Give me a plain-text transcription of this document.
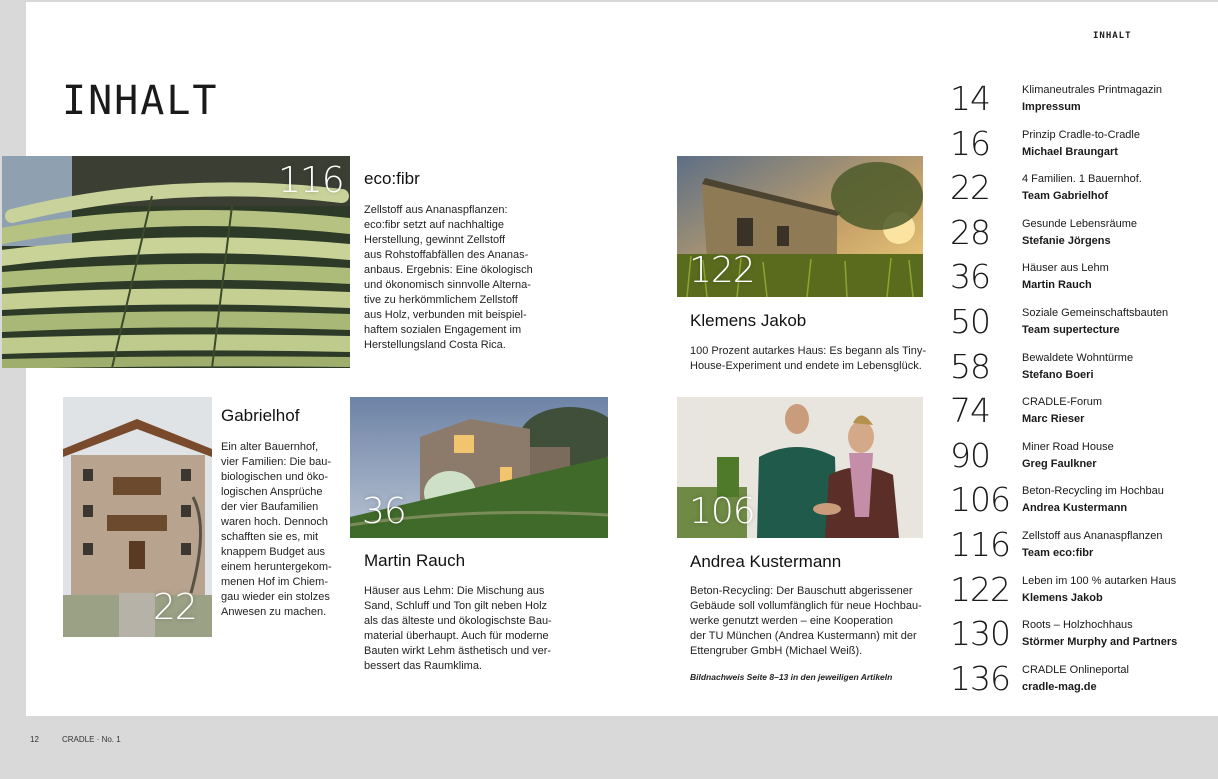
INHALT
INHALT
116 eco:fibr
Zellstoff aus Ananaspflanzen:
eco:fibr setzt auf nachhaltige
Herstellung, gewinnt Zellstoff
aus Rohstoffabfällen des Ananas-
anbaus. Ergebnis: Eine ökologisch
und ökonomisch sinnvolle Alterna-
tive zu herkömmlichem Zellstoff
aus Holz, verbunden mit beispiel-
haftem sozialen Engagement im
Herstellungsland Costa Rica.
122
Klemens Jakob
100 Prozent autarkes Haus: Es begann als Tiny-
House-Experiment und endete im Lebensglück.
22
Gabrielhof
Ein alter Bauernhof,
vier Familien: Die bau-
biologischen und öko-
logischen Ansprüche
der vier Baufamilien
waren hoch. Dennoch
schafften sie es, mit
knappem Budget aus
einem heruntergekom-
menen Hof im Chiem-
gau wieder ein stolzes
Anwesen zu machen.
36
Martin Rauch
Häuser aus Lehm: Die Mischung aus
Sand, Schluff und Ton gilt neben Holz
als das älteste und ökologischste Bau-
material überhaupt. Auch für moderne
Bauten wirkt Lehm ästhetisch und ver-
bessert das Raumklima.
106
Andrea Kustermann
Beton-Recycling: Der Bauschutt abgerissener
Gebäude soll vollumfänglich für neue Hochbau-
werke genutzt werden – eine Kooperation
der TU München (Andrea Kustermann) mit der
Ettengruber GmbH (Michael Weiß).
Bildnachweis Seite 8–13 in den jeweiligen Artikeln
14	Klimaneutrales Printmagazin
Impressum
16	Prinzip Cradle-to-Cradle
Michael Braungart
22	4 Familien. 1 Bauernhof.
Team Gabrielhof
28	Gesunde Lebensräume
Stefanie Jörgens
36	Häuser aus Lehm
Martin Rauch
50	Soziale Gemeinschaftsbauten
Team supertecture
58	Bewaldete Wohntürme
Stefano Boeri
74	CRADLE-Forum
Marc Rieser
90	Miner Road House
Greg Faulkner
106 Beton-Recycling im Hochbau
Andrea Kustermann
116 Zellstoff aus Ananaspflanzen
Team eco:fibr
122 Leben im 100 % autarken Haus
Klemens Jakob
130 Roots – Holzhochhaus
Störmer Murphy and Partners
136 CRADLE Onlineportal
cradle-mag.de
12	CRADLE · No. 1
